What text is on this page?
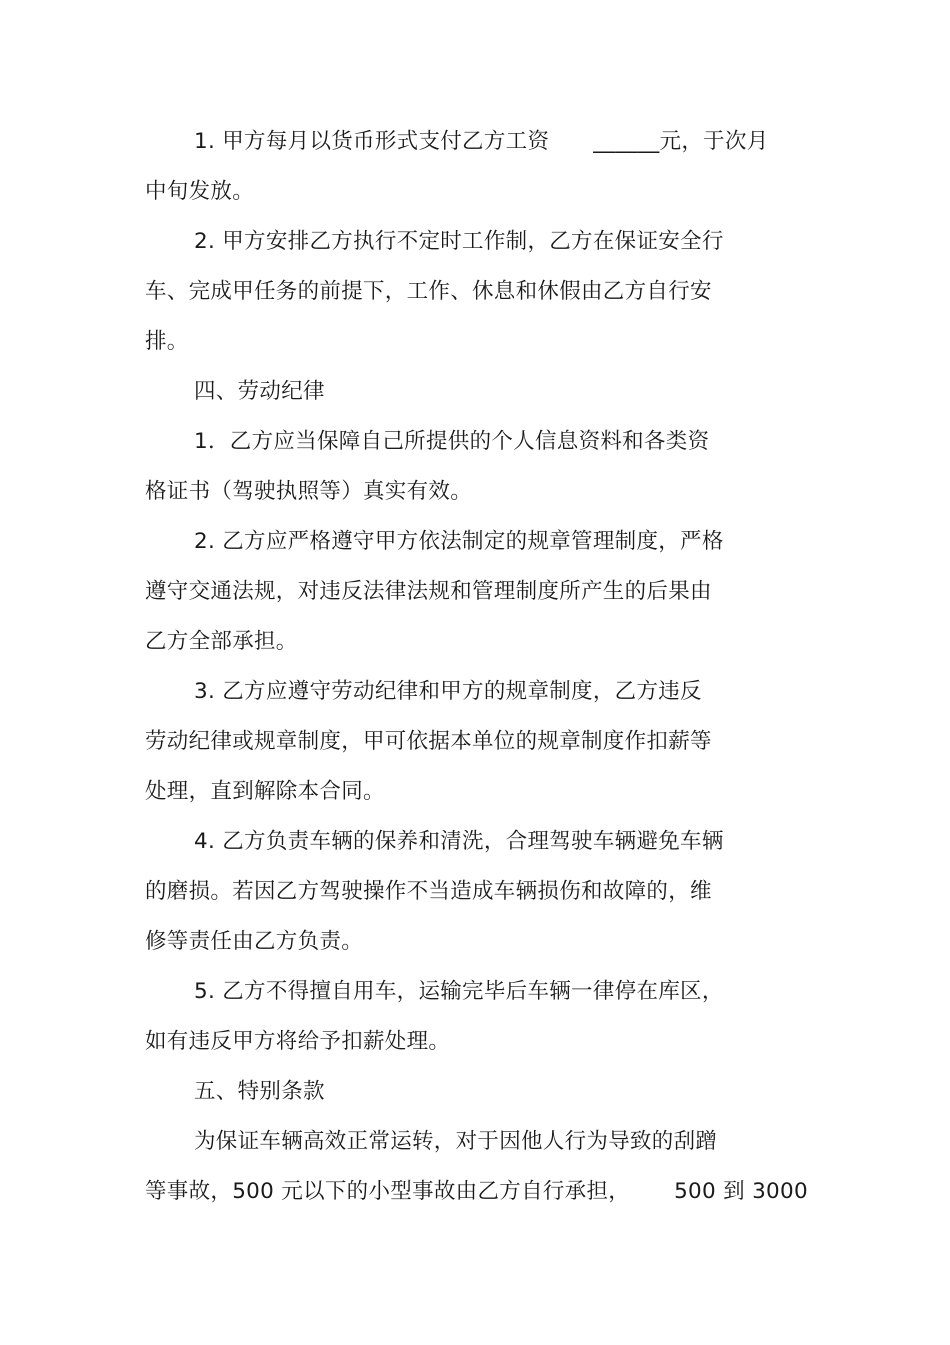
1. 甲方每月以货币形式支付乙方工资 ______元，于次月
中旬发放。
2. 甲方安排乙方执行不定时工作制，乙方在保证安全行
车、完成甲任务的前提下，工作、休息和休假由乙方自行安
排。
四、劳动纪律
1．乙方应当保障自己所提供的个人信息资料和各类资
格证书（驾驶执照等）真实有效。
2. 乙方应严格遵守甲方依法制定的规章管理制度，严格
遵守交通法规，对违反法律法规和管理制度所产生的后果由
乙方全部承担。
3. 乙方应遵守劳动纪律和甲方的规章制度，乙方违反
劳动纪律或规章制度，甲可依据本单位的规章制度作扣薪等
处理，直到解除本合同。
4. 乙方负责车辆的保养和清洗，合理驾驶车辆避免车辆
的磨损。若因乙方驾驶操作不当造成车辆损伤和故障的，维
修等责任由乙方负责。
5. 乙方不得擅自用车，运输完毕后车辆一律停在库区，
如有违反甲方将给予扣薪处理。
五、特别条款
为保证车辆高效正常运转，对于因他人行为导致的刮蹭
等事故，500 元以下的小型事故由乙方自行承担， 500 到 3000
